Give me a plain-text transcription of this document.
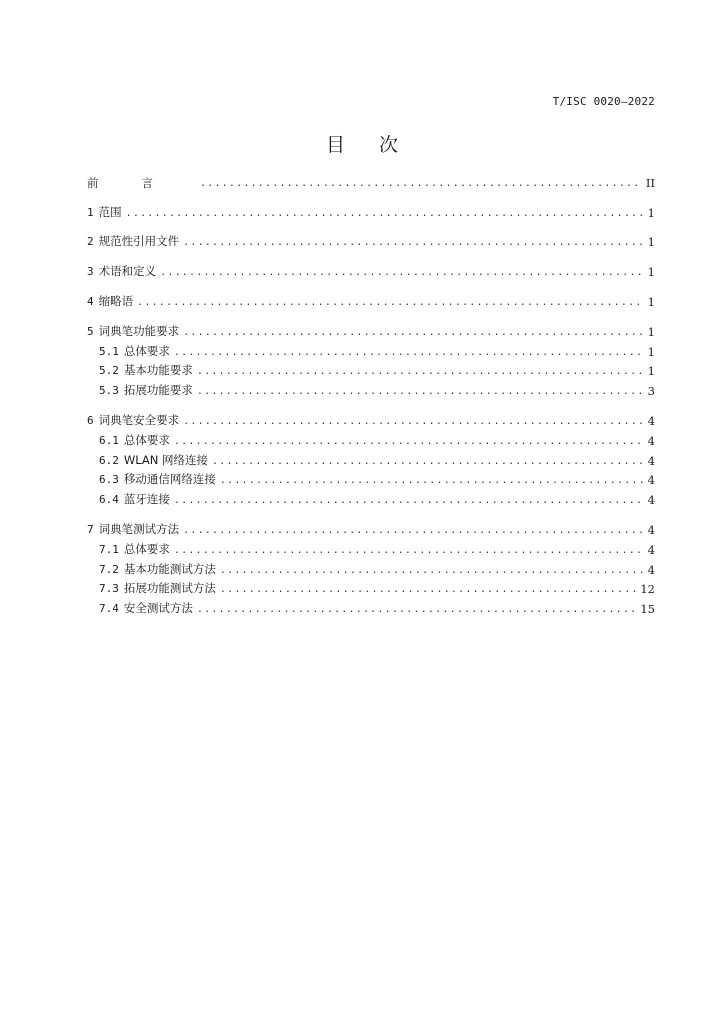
T/ISC 0020—2022
目次
前言 .....	II
1 范围 .....	1
2 规范性引用文件 .....	1
3 术语和定义 .....	1
4 缩略语 .....	1
5 词典笔功能要求 .....	1
5.1 总体要求 .....	1
5.2 基本功能要求 .....	1
5.3 拓展功能要求 .....	3
6 词典笔安全要求 .....	4
6.1 总体要求 .....	4
6.2 WLAN 网络连接 .....	4
6.3 移动通信网络连接 .....	4
6.4 蓝牙连接 .....	4
7 词典笔测试方法 .....	4
7.1 总体要求 .....	4
7.2 基本功能测试方法 .....	4
7.3 拓展功能测试方法 .....	12
7.4 安全测试方法 .....	15
